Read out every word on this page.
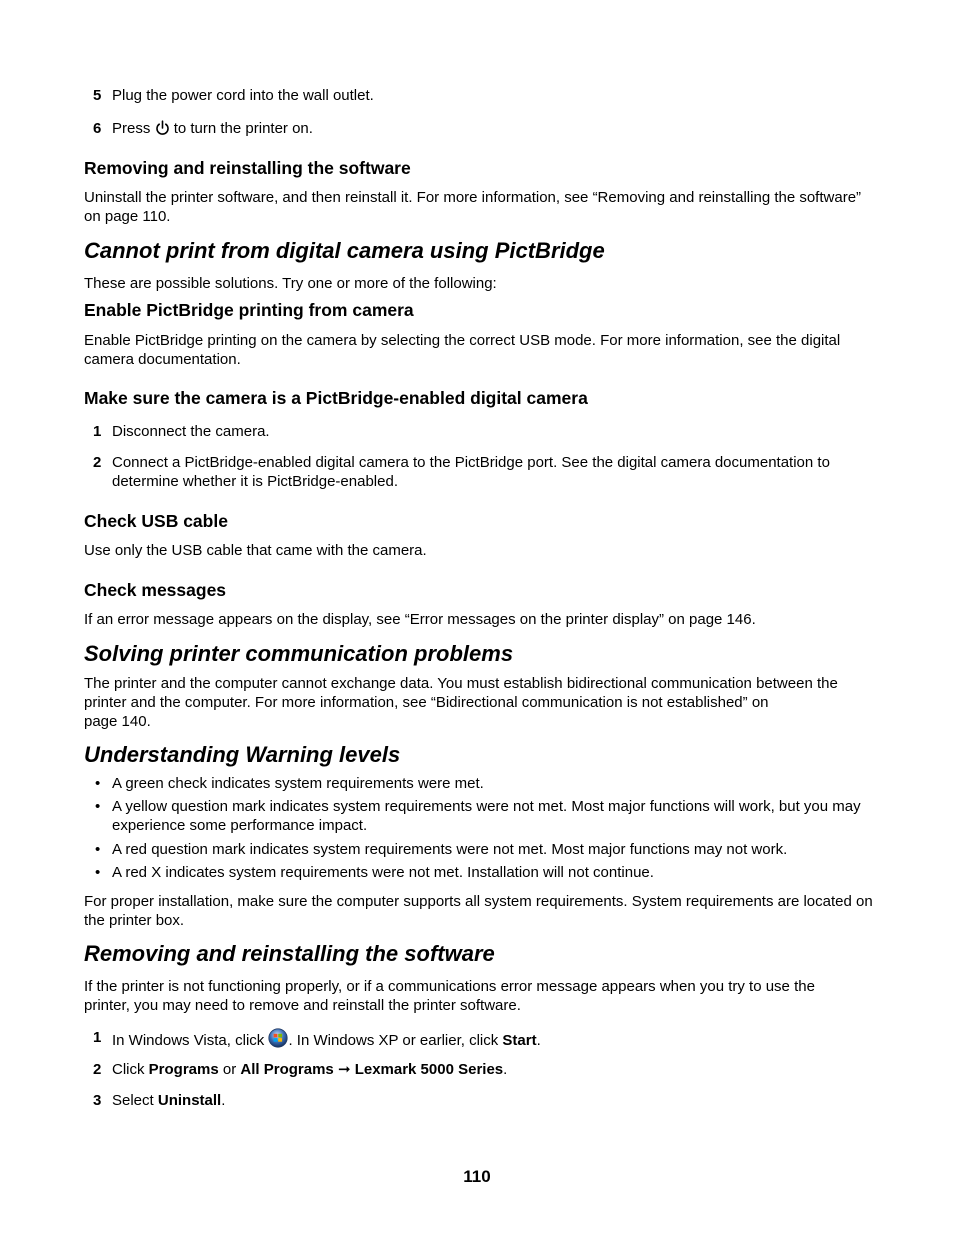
5 Plug the power cord into the wall outlet.
6 Press to turn the printer on.
Removing and reinstalling the software
Uninstall the printer software, and then reinstall it. For more information, see “Removing and reinstalling the software” on page 110.
Cannot print from digital camera using PictBridge
These are possible solutions. Try one or more of the following:
Enable PictBridge printing from camera
Enable PictBridge printing on the camera by selecting the correct USB mode. For more information, see the digital camera documentation.
Make sure the camera is a PictBridge-enabled digital camera
1 Disconnect the camera.
2 Connect a PictBridge-enabled digital camera to the PictBridge port. See the digital camera documentation to determine whether it is PictBridge-enabled.
Check USB cable
Use only the USB cable that came with the camera.
Check messages
If an error message appears on the display, see “Error messages on the printer display” on page 146.
Solving printer communication problems
The printer and the computer cannot exchange data. You must establish bidirectional communication between the
printer and the computer. For more information, see “Bidirectional communication is not established” on
page 140.
Understanding Warning levels
• A green check indicates system requirements were met.
• A yellow question mark indicates system requirements were not met. Most major functions will work, but you may experience some performance impact.
• A red question mark indicates system requirements were not met. Most major functions may not work.
• A red X indicates system requirements were not met. Installation will not continue.
For proper installation, make sure the computer supports all system requirements. System requirements are located on the printer box.
Removing and reinstalling the software
If the printer is not functioning properly, or if a communications error message appears when you try to use the printer, you may need to remove and reinstall the printer software.
1 In Windows Vista, click . In Windows XP or earlier, click Start.
2 Click Programs or All Programs ➞ Lexmark 5000 Series.
3 Select Uninstall.
110
